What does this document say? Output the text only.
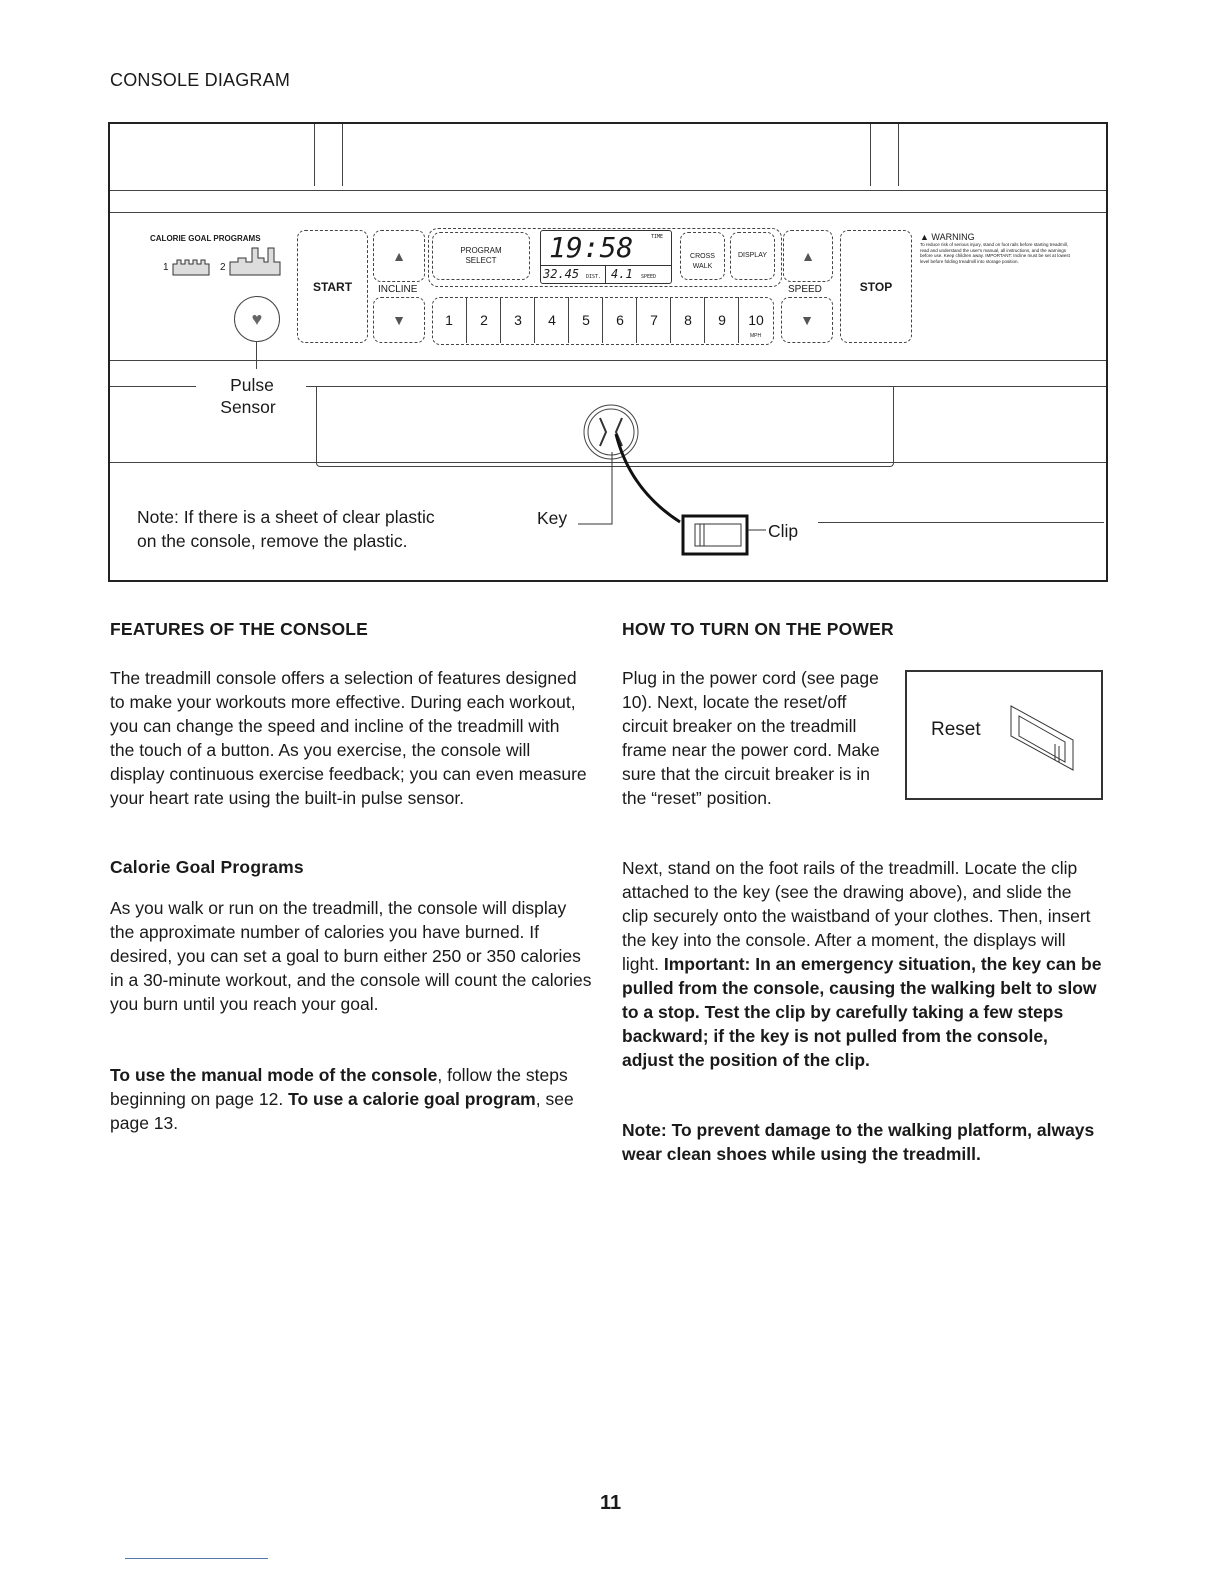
CONSOLE DIAGRAM
CALORIE GOAL PROGRAMS
1	2
♥
Pulse
Sensor
START
▲
INCLINE
▼
PROGRAM SELECT	19:58	TIME
32.45 DIST. 4.1 SPEED
CROSS WALK
DISPLAY
1	2	3	4	5	6	7	8	9	10
MPH
▲
SPEED
▼
STOP
▲ WARNING
To reduce risk of serious injury, stand on foot rails before starting treadmill, read and understand the user's manual, all instructions, and the warnings before use. Keep children away. IMPORTANT: Incline must be set at lowest level before folding treadmill into storage position.
Key
Clip
Note: If there is a sheet of clear plastic
on the console, remove the plastic.
FEATURES OF THE CONSOLE
The treadmill console offers a selection of features designed to make your workouts more effective. During each workout, you can change the speed and incline of the treadmill with the touch of a button. As you exercise, the console will display continuous exercise feedback; you can even measure your heart rate using the built-in pulse sensor.
Calorie Goal Programs
As you walk or run on the treadmill, the console will display the approximate number of calories you have burned. If desired, you can set a goal to burn either 250 or 350 calories in a 30-minute workout, and the console will count the calories you burn until you reach your goal.
To use the manual mode of the console, follow the steps beginning on page 12. To use a calorie goal program, see page 13.
HOW TO TURN ON THE POWER
Plug in the power cord (see page 10). Next, locate the reset/off circuit breaker on the treadmill frame near the power cord. Make sure that the circuit breaker is in the “reset” position.
Reset
Next, stand on the foot rails of the treadmill. Locate the clip attached to the key (see the drawing above), and slide the clip securely onto the waistband of your clothes. Then, insert the key into the console. After a moment, the displays will light. Important: In an emergency situation, the key can be pulled from the console, causing the walking belt to slow to a stop. Test the clip by carefully taking a few steps backward; if the key is not pulled from the console, adjust the position of the clip.
Note: To prevent damage to the walking platform, always wear clean shoes while using the treadmill.
11
